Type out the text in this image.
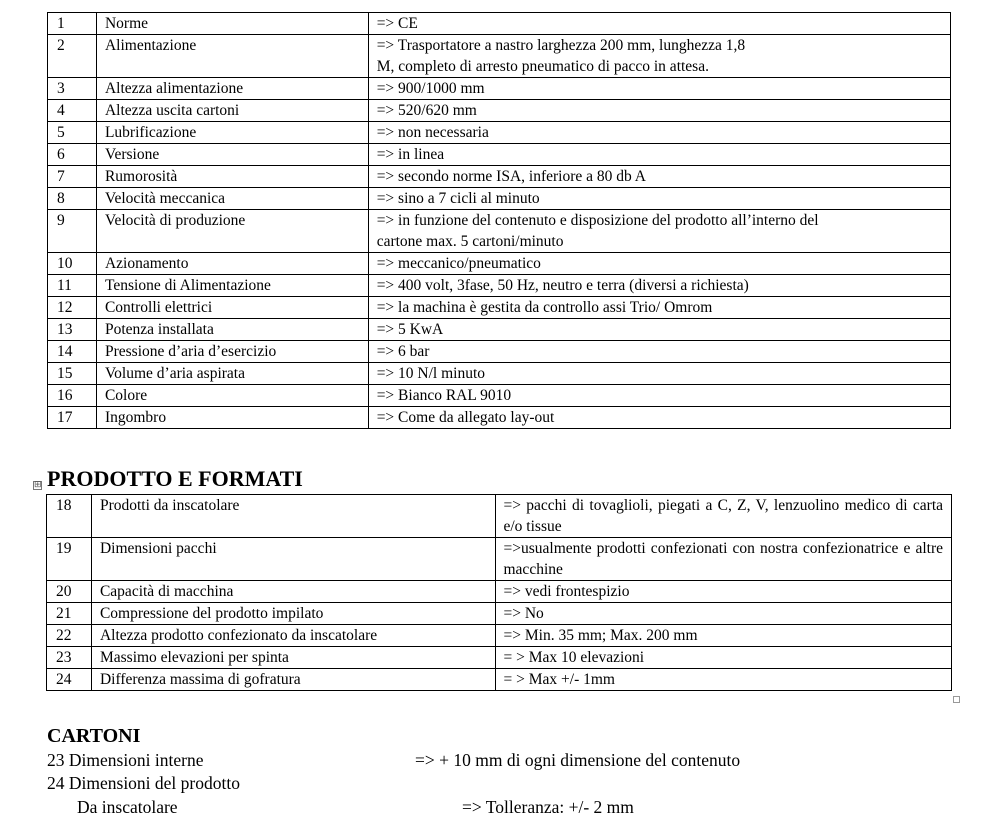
1	Norme	=> CE
2	Alimentazione	=> Trasportatore a nastro larghezza 200 mm, lunghezza 1,8
M, completo di arresto pneumatico di pacco in attesa.
3	Altezza alimentazione	=> 900/1000 mm
4	Altezza uscita cartoni	=> 520/620 mm
5	Lubrificazione	=> non necessaria
6	Versione	=> in linea
7	Rumorosità	=> secondo norme ISA, inferiore a 80 db A
8	Velocità meccanica	=> sino a 7 cicli al minuto
9	Velocità di produzione	=> in funzione del contenuto e disposizione del prodotto all’interno del
cartone max. 5 cartoni/minuto
10	Azionamento	=> meccanico/pneumatico
11	Tensione di Alimentazione	=> 400 volt, 3fase, 50 Hz, neutro e terra (diversi a richiesta)
12	Controlli elettrici	=> la machina è gestita da controllo assi Trio/ Omrom
13	Potenza installata	=> 5 KwA
14	Pressione d’aria d’esercizio	=> 6 bar
15	Volume d’aria aspirata	=> 10 N/l minuto
16	Colore	=> Bianco RAL 9010
17	Ingombro	=> Come da allegato lay-out
⊞ PRODOTTO E FORMATI
18	Prodotti da inscatolare	=> pacchi di tovaglioli, piegati a C, Z, V, lenzuolino medico di carta e/o tissue
19	Dimensioni pacchi	=>usualmente prodotti confezionati con nostra confezionatrice e altre macchine
20	Capacità di macchina	=> vedi frontespizio
21	Compressione del prodotto impilato	=> No
22	Altezza prodotto confezionato da inscatolare	=> Min. 35 mm; Max. 200 mm
23	Massimo elevazioni per spinta	= > Max 10 elevazioni
24	Differenza massima di gofratura	= > Max +/- 1mm
CARTONI
23 Dimensioni interne	=> + 10 mm di ogni dimensione del contenuto
24 Dimensioni del prodotto
Da inscatolare	=> Tolleranza: +/- 2 mm
